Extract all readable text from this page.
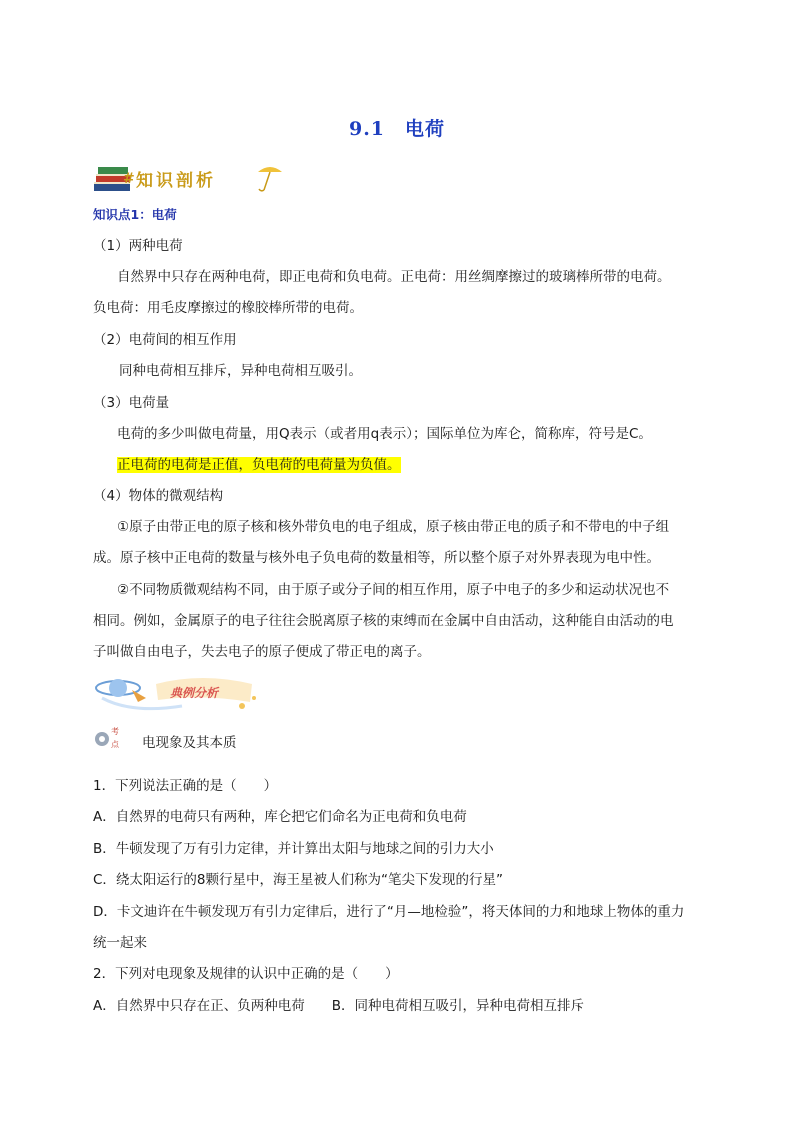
9.1　电荷
# 知识剖析
知识点1：电荷
（1）两种电荷
自然界中只存在两种电荷，即正电荷和负电荷。正电荷：用丝绸摩擦过的玻璃棒所带的电荷。
负电荷：用毛皮摩擦过的橡胶棒所带的电荷。
（2）电荷间的相互作用
同种电荷相互排斥，异种电荷相互吸引。
（3）电荷量
电荷的多少叫做电荷量，用Q表示（或者用q表示）；国际单位为库仑，简称库，符号是C。
正电荷的电荷是正值，负电荷的电荷量为负值。
（4）物体的微观结构
①原子由带正电的原子核和核外带负电的电子组成，原子核由带正电的质子和不带电的中子组
成。原子核中正电荷的数量与核外电子负电荷的数量相等，所以整个原子对外界表现为电中性。
②不同物质微观结构不同，由于原子或分子间的相互作用，原子中电子的多少和运动状况也不
相同。例如，金属原子的电子往往会脱离原子核的束缚而在金属中自由活动，这种能自由活动的电
子叫做自由电子，失去电子的原子便成了带正电的离子。
典例分析
考
点 电现象及其本质
1．下列说法正确的是（　　）
A．自然界的电荷只有两种，库仑把它们命名为正电荷和负电荷
B．牛顿发现了万有引力定律，并计算出太阳与地球之间的引力大小
C．绕太阳运行的8颗行星中，海王星被人们称为“笔尖下发现的行星”
D．卡文迪许在牛顿发现万有引力定律后，进行了“月—地检验”，将天体间的力和地球上物体的重力
统一起来
2．下列对电现象及规律的认识中正确的是（　　）
A．自然界中只存在正、负两种电荷　　B．同种电荷相互吸引，异种电荷相互排斥
